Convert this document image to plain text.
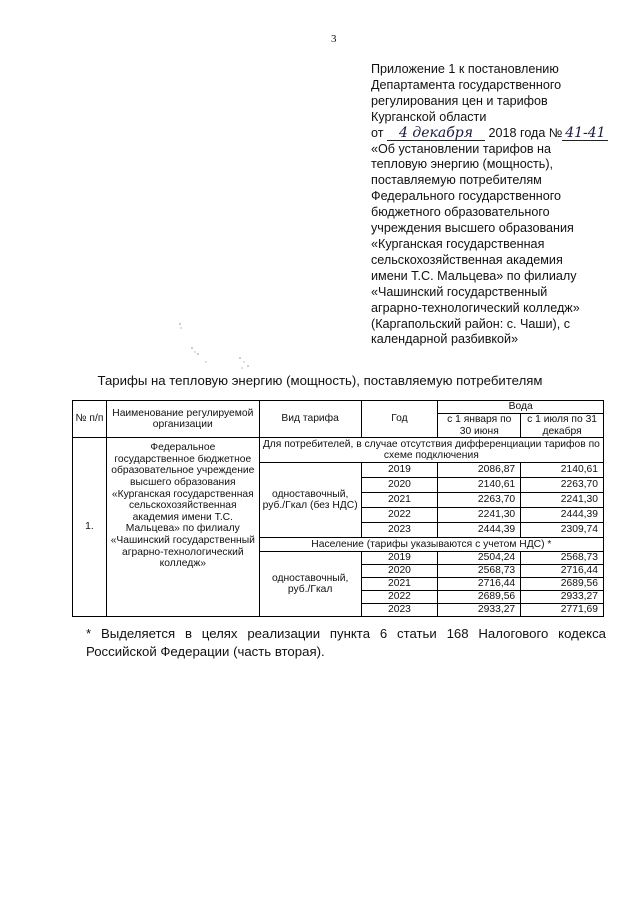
3
Приложение 1 к постановлению
Департамента государственного
регулирования цен и тарифов
Курганской области
от 4 декабря 2018 года № 41-41
«Об установлении тарифов на
тепловую энергию (мощность),
поставляемую потребителям
Федерального государственного
бюджетного образовательного
учреждения высшего образования
«Курганская государственная
сельскохозяйственная академия
имени Т.С. Мальцева» по филиалу
«Чашинский государственный
аграрно-технологический колледж»
(Каргапольский район: с. Чаши), с
календарной разбивкой»
Тарифы на тепловую энергию (мощность), поставляемую потребителям
№ п/п	Наименование регулируемой организации	Вид тарифа	Год	Вода	
				с 1 января по 30 июня	с 1 июля по 31 декабря
1.	Федеральное государственное бюджетное образовательное учреждение высшего образования «Курганская государственная сельскохозяйственная академия имени Т.С. Мальцева» по филиалу «Чашинский государственный аграрно-технологический колледж»	Для потребителей, в случае отсутствия дифференциации тарифов по схеме подключения			
		одноставочный, руб./Гкал (без НДС)	2019	2086,87	2140,61
			2020	2140,61	2263,70
			2021	2263,70	2241,30
			2022	2241,30	2444,39
			2023	2444,39	2309,74
		Население (тарифы указываются с учетом НДС) *			
		одноставочный, руб./Гкал	2019	2504,24	2568,73
			2020	2568,73	2716,44
			2021	2716,44	2689,56
			2022	2689,56	2933,27
			2023	2933,27	2771,69
* Выделяется в целях реализации пункта 6 статьи 168 Налогового кодекса
Российской Федерации (часть вторая).
